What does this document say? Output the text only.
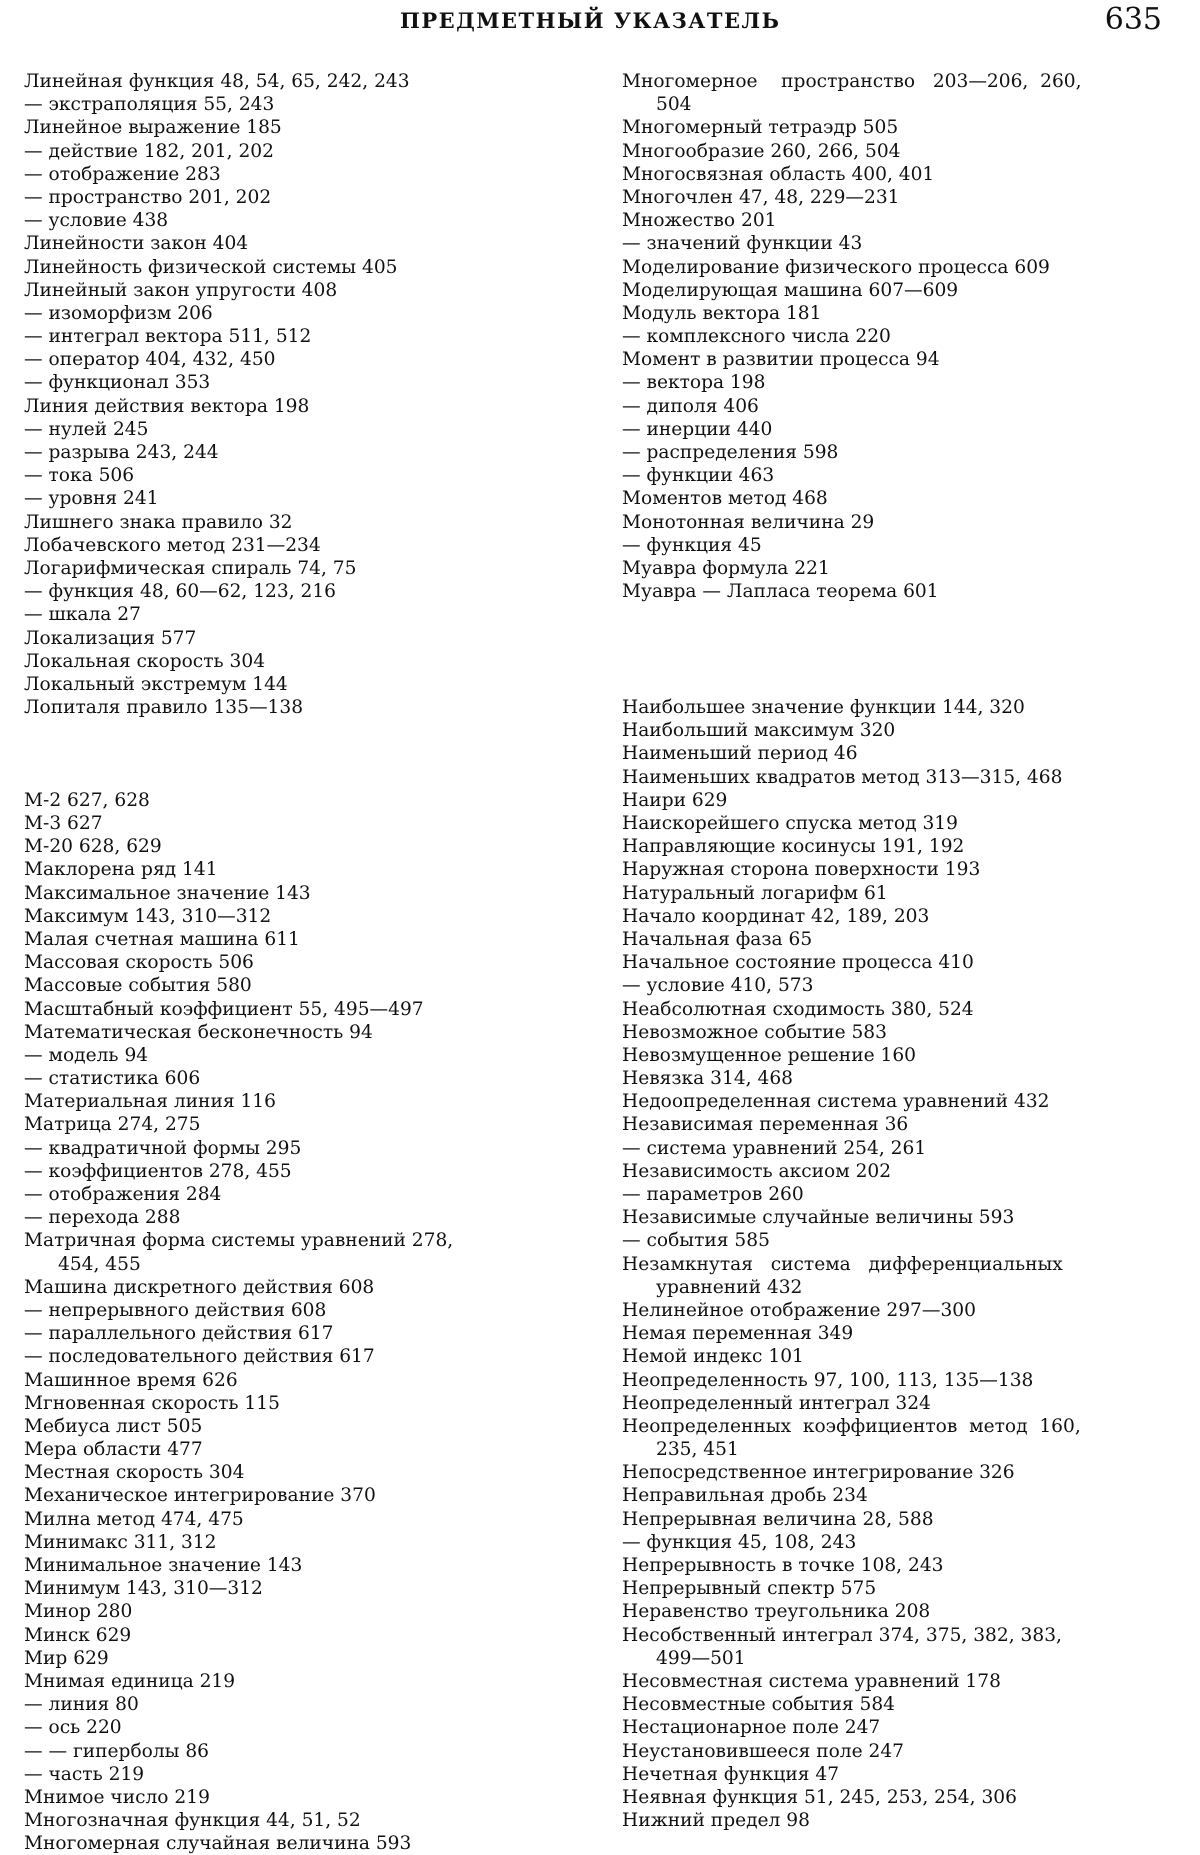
ПРЕДМЕТНЫЙ УКАЗАТЕЛЬ	635
Линейная функция 48, 54, 65, 242, 243
— экстраполяция 55, 243
Линейное выражение 185
— действие 182, 201, 202
— отображение 283
— пространство 201, 202
— условие 438
Линейности закон 404
Линейность физической системы 405
Линейный закон упругости 408
— изоморфизм 206
— интеграл вектора 511, 512
— оператор 404, 432, 450
— функционал 353
Линия действия вектора 198
— нулей 245
— разрыва 243, 244
— тока 506
— уровня 241
Лишнего знака правило 32
Лобачевского метод 231—234
Логарифмическая спираль 74, 75
— функция 48, 60—62, 123, 216
— шкала 27
Локализация 577
Локальная скорость 304
Локальный экстремум 144
Лопиталя правило 135—138
М-2 627, 628
М-3 627
М-20 628, 629
Маклорена ряд 141
Максимальное значение 143
Максимум 143, 310—312
Малая счетная машина 611
Массовая скорость 506
Массовые события 580
Масштабный коэффициент 55, 495—497
Математическая бесконечность 94
— модель 94
— статистика 606
Материальная линия 116
Матрица 274, 275
— квадратичной формы 295
— коэффициентов 278, 455
— отображения 284
— перехода 288
Матричная форма системы уравнений 278,
454, 455
Машина дискретного действия 608
— непрерывного действия 608
— параллельного действия 617
— последовательного действия 617
Машинное время 626
Мгновенная скорость 115
Мебиуса лист 505
Мера области 477
Местная скорость 304
Механическое интегрирование 370
Милна метод 474, 475
Минимакс 311, 312
Минимальное значение 143
Минимум 143, 310—312
Минор 280
Минск 629
Мир 629
Мнимая единица 219
— линия 80
— ось 220
— — гиперболы 86
— часть 219
Мнимое число 219
Многозначная функция 44, 51, 52
Многомерная случайная величина 593
Многомерное    пространство   203—206,  260,
504
Многомерный тетраэдр 505
Многообразие 260, 266, 504
Многосвязная область 400, 401
Многочлен 47, 48, 229—231
Множество 201
— значений функции 43
Моделирование физического процесса 609
Моделирующая машина 607—609
Модуль вектора 181
— комплексного числа 220
Момент в развитии процесса 94
— вектора 198
— диполя 406
— инерции 440
— распределения 598
— функции 463
Моментов метод 468
Монотонная величина 29
— функция 45
Муавра формула 221
Муавра — Лапласа теорема 601
Наибольшее значение функции 144, 320
Наибольший максимум 320
Наименьший период 46
Наименьших квадратов метод 313—315, 468
Наири 629
Наискорейшего спуска метод 319
Направляющие косинусы 191, 192
Наружная сторона поверхности 193
Натуральный логарифм 61
Начало координат 42, 189, 203
Начальная фаза 65
Начальное состояние процесса 410
— условие 410, 573
Неабсолютная сходимость 380, 524
Невозможное событие 583
Невозмущенное решение 160
Невязка 314, 468
Недоопределенная система уравнений 432
Независимая переменная 36
— система уравнений 254, 261
Независимость аксиом 202
— параметров 260
Независимые случайные величины 593
— события 585
Незамкнутая   система   дифференциальных
уравнений 432
Нелинейное отображение 297—300
Немая переменная 349
Немой индекс 101
Неопределенность 97, 100, 113, 135—138
Неопределенный интеграл 324
Неопределенных  коэффициентов  метод  160,
235, 451
Непосредственное интегрирование 326
Неправильная дробь 234
Непрерывная величина 28, 588
— функция 45, 108, 243
Непрерывность в точке 108, 243
Непрерывный спектр 575
Неравенство треугольника 208
Несобственный интеграл 374, 375, 382, 383,
499—501
Несовместная система уравнений 178
Несовместные события 584
Нестационарное поле 247
Неустановившееся поле 247
Нечетная функция 47
Неявная функция 51, 245, 253, 254, 306
Нижний предел 98
